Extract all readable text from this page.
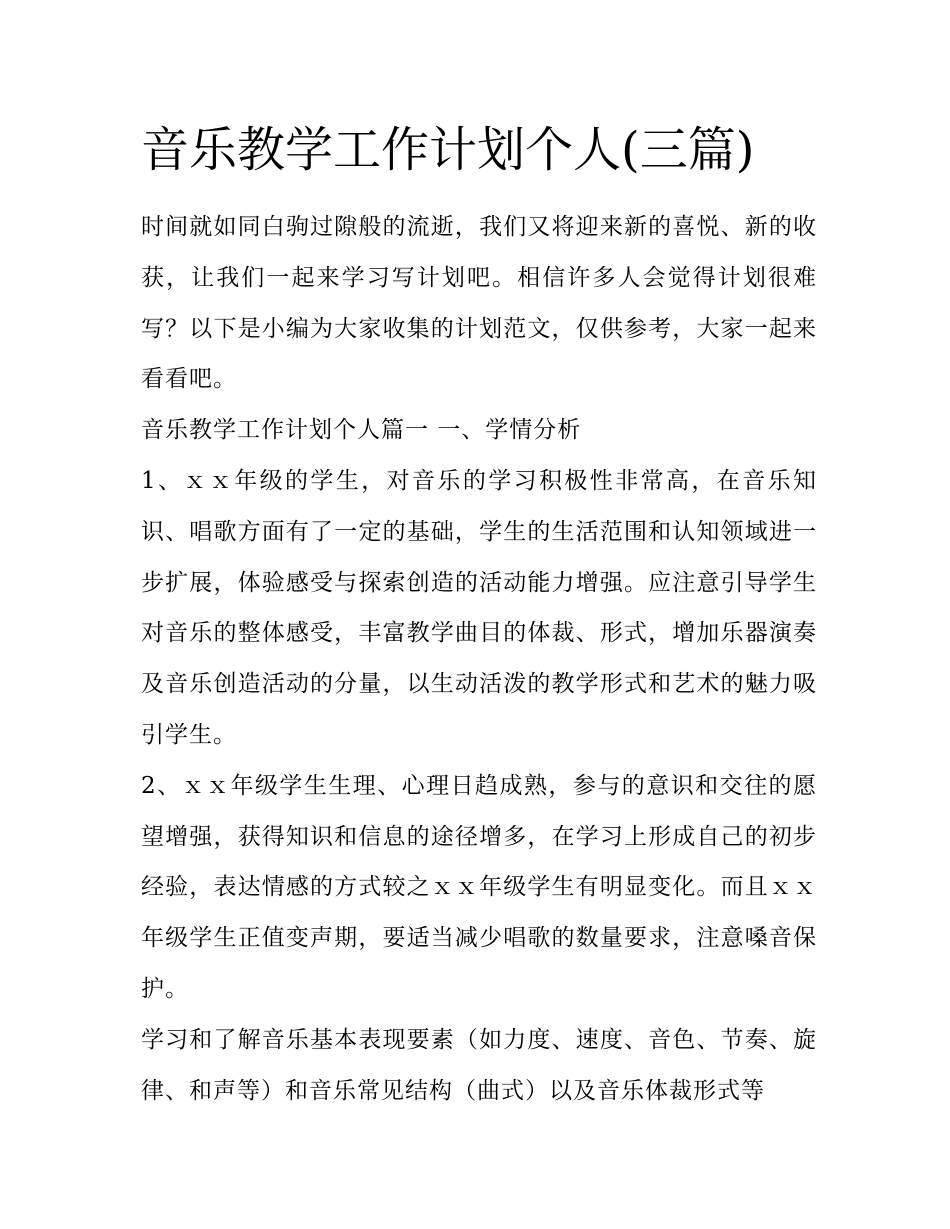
音乐教学工作计划个人(三篇)

时间就如同白驹过隙般的流逝，我们又将迎来新的喜悦、新的收获，让我们一起来学习写计划吧。相信许多人会觉得计划很难写？以下是小编为大家收集的计划范文，仅供参考，大家一起来看看吧。

音乐教学工作计划个人篇一 一、学情分析

1、ｘｘ年级的学生，对音乐的学习积极性非常高，在音乐知识、唱歌方面有了一定的基础，学生的生活范围和认知领域进一步扩展，体验感受与探索创造的活动能力增强。应注意引导学生对音乐的整体感受，丰富教学曲目的体裁、形式，增加乐器演奏及音乐创造活动的分量，以生动活泼的教学形式和艺术的魅力吸引学生。

2、ｘｘ年级学生生理、心理日趋成熟，参与的意识和交往的愿望增强，获得知识和信息的途径增多，在学习上形成自己的初步经验，表达情感的方式较之ｘｘ年级学生有明显变化。而且ｘｘ年级学生正值变声期，要适当减少唱歌的数量要求，注意嗓音保护。

学习和了解音乐基本表现要素（如力度、速度、音色、节奏、旋律、和声等）和音乐常见结构（曲式）以及音乐体裁形式等
